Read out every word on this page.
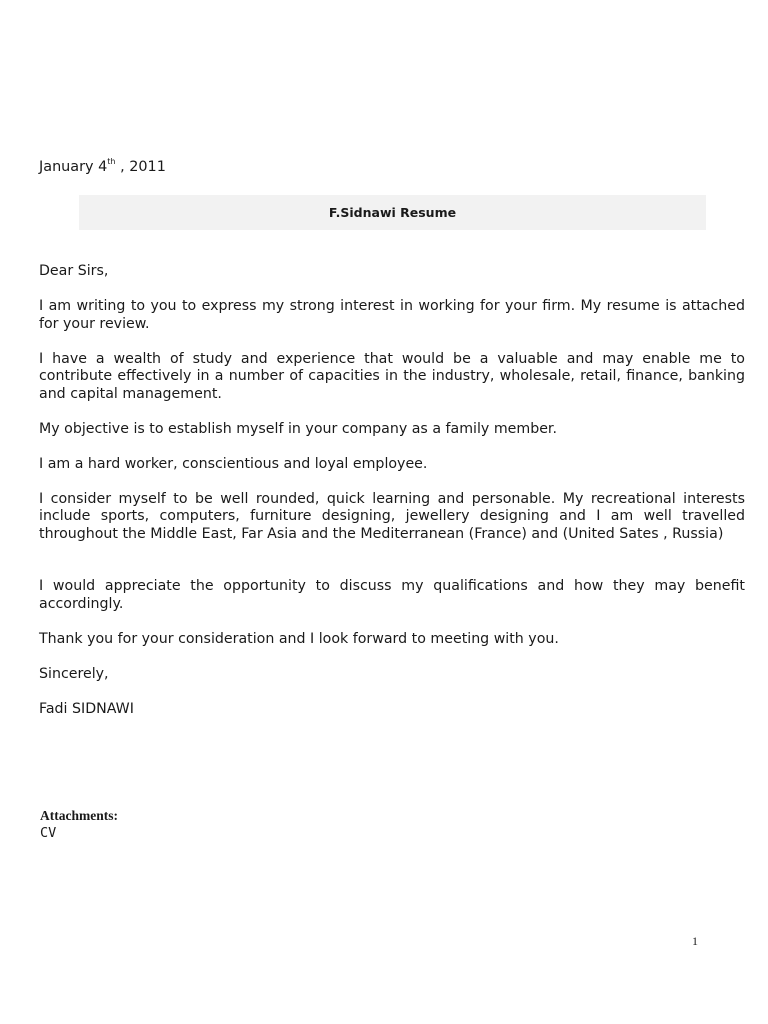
January 4th , 2011
F.Sidnawi Resume

Dear Sirs,

I am writing to you to express my strong interest in working for your firm. My resume is attached for your review.

I have a wealth of study and experience that would be a valuable and may enable me to contribute effectively in a number of capacities in the industry, wholesale, retail, finance, banking and capital management.

My objective is to establish myself in your company as a family member.

I am a hard worker, conscientious and loyal employee.

I consider myself to be well rounded, quick learning and personable. My recreational interests include sports, computers, furniture designing, jewellery designing and I am well travelled throughout the Middle East, Far Asia and the Mediterranean (France) and (United Sates , Russia)

I would appreciate the opportunity to discuss my qualifications and how they may benefit accordingly.

Thank you for your consideration and I look forward to meeting with you.

Sincerely,

Fadi SIDNAWI

Attachments:
CV
1
